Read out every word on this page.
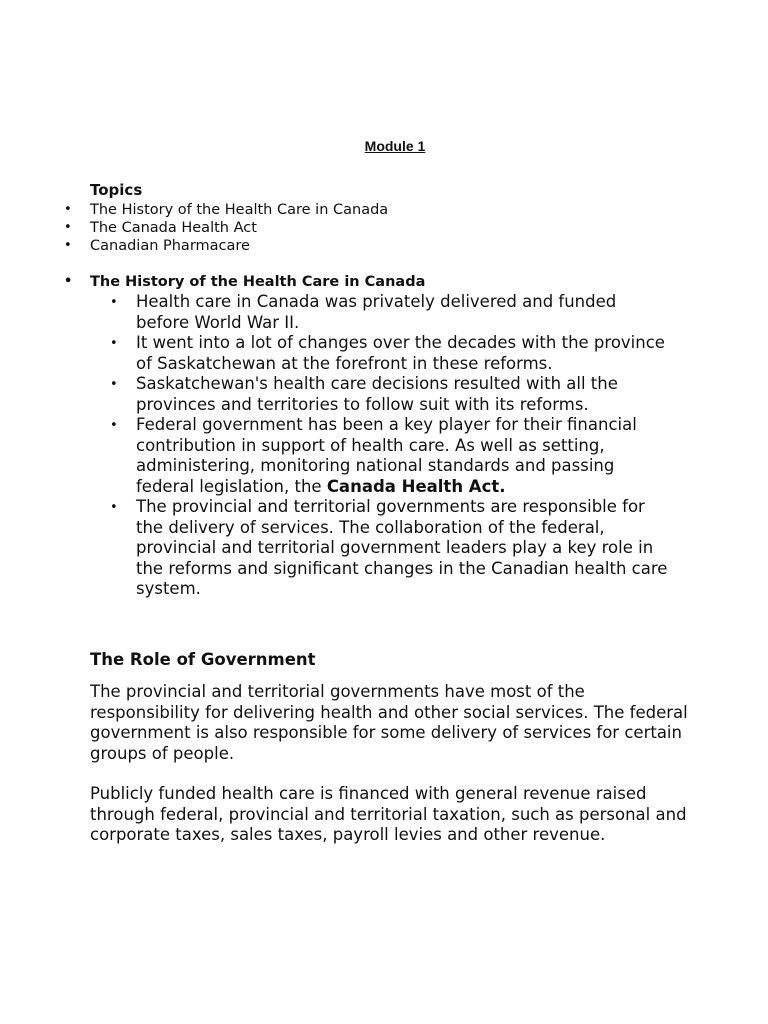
Module 1

Topics

• The History of the Health Care in Canada
• The Canada Health Act
• Canadian Pharmacare

• The History of the Health Care in Canada

• Health care in Canada was privately delivered and funded before World War II.
• It went into a lot of changes over the decades with the province of Saskatchewan at the forefront in these reforms.
• Saskatchewan's health care decisions resulted with all the provinces and territories to follow suit with its reforms.
• Federal government has been a key player for their financial contribution in support of health care. As well as setting, administering, monitoring national standards and passing federal legislation, the Canada Health Act.
• The provincial and territorial governments are responsible for the delivery of services. The collaboration of the federal, provincial and territorial government leaders play a key role in the reforms and significant changes in the Canadian health care system.

The Role of Government

The provincial and territorial governments have most of the responsibility for delivering health and other social services. The federal government is also responsible for some delivery of services for certain groups of people.

Publicly funded health care is financed with general revenue raised through federal, provincial and territorial taxation, such as personal and corporate taxes, sales taxes, payroll levies and other revenue.
